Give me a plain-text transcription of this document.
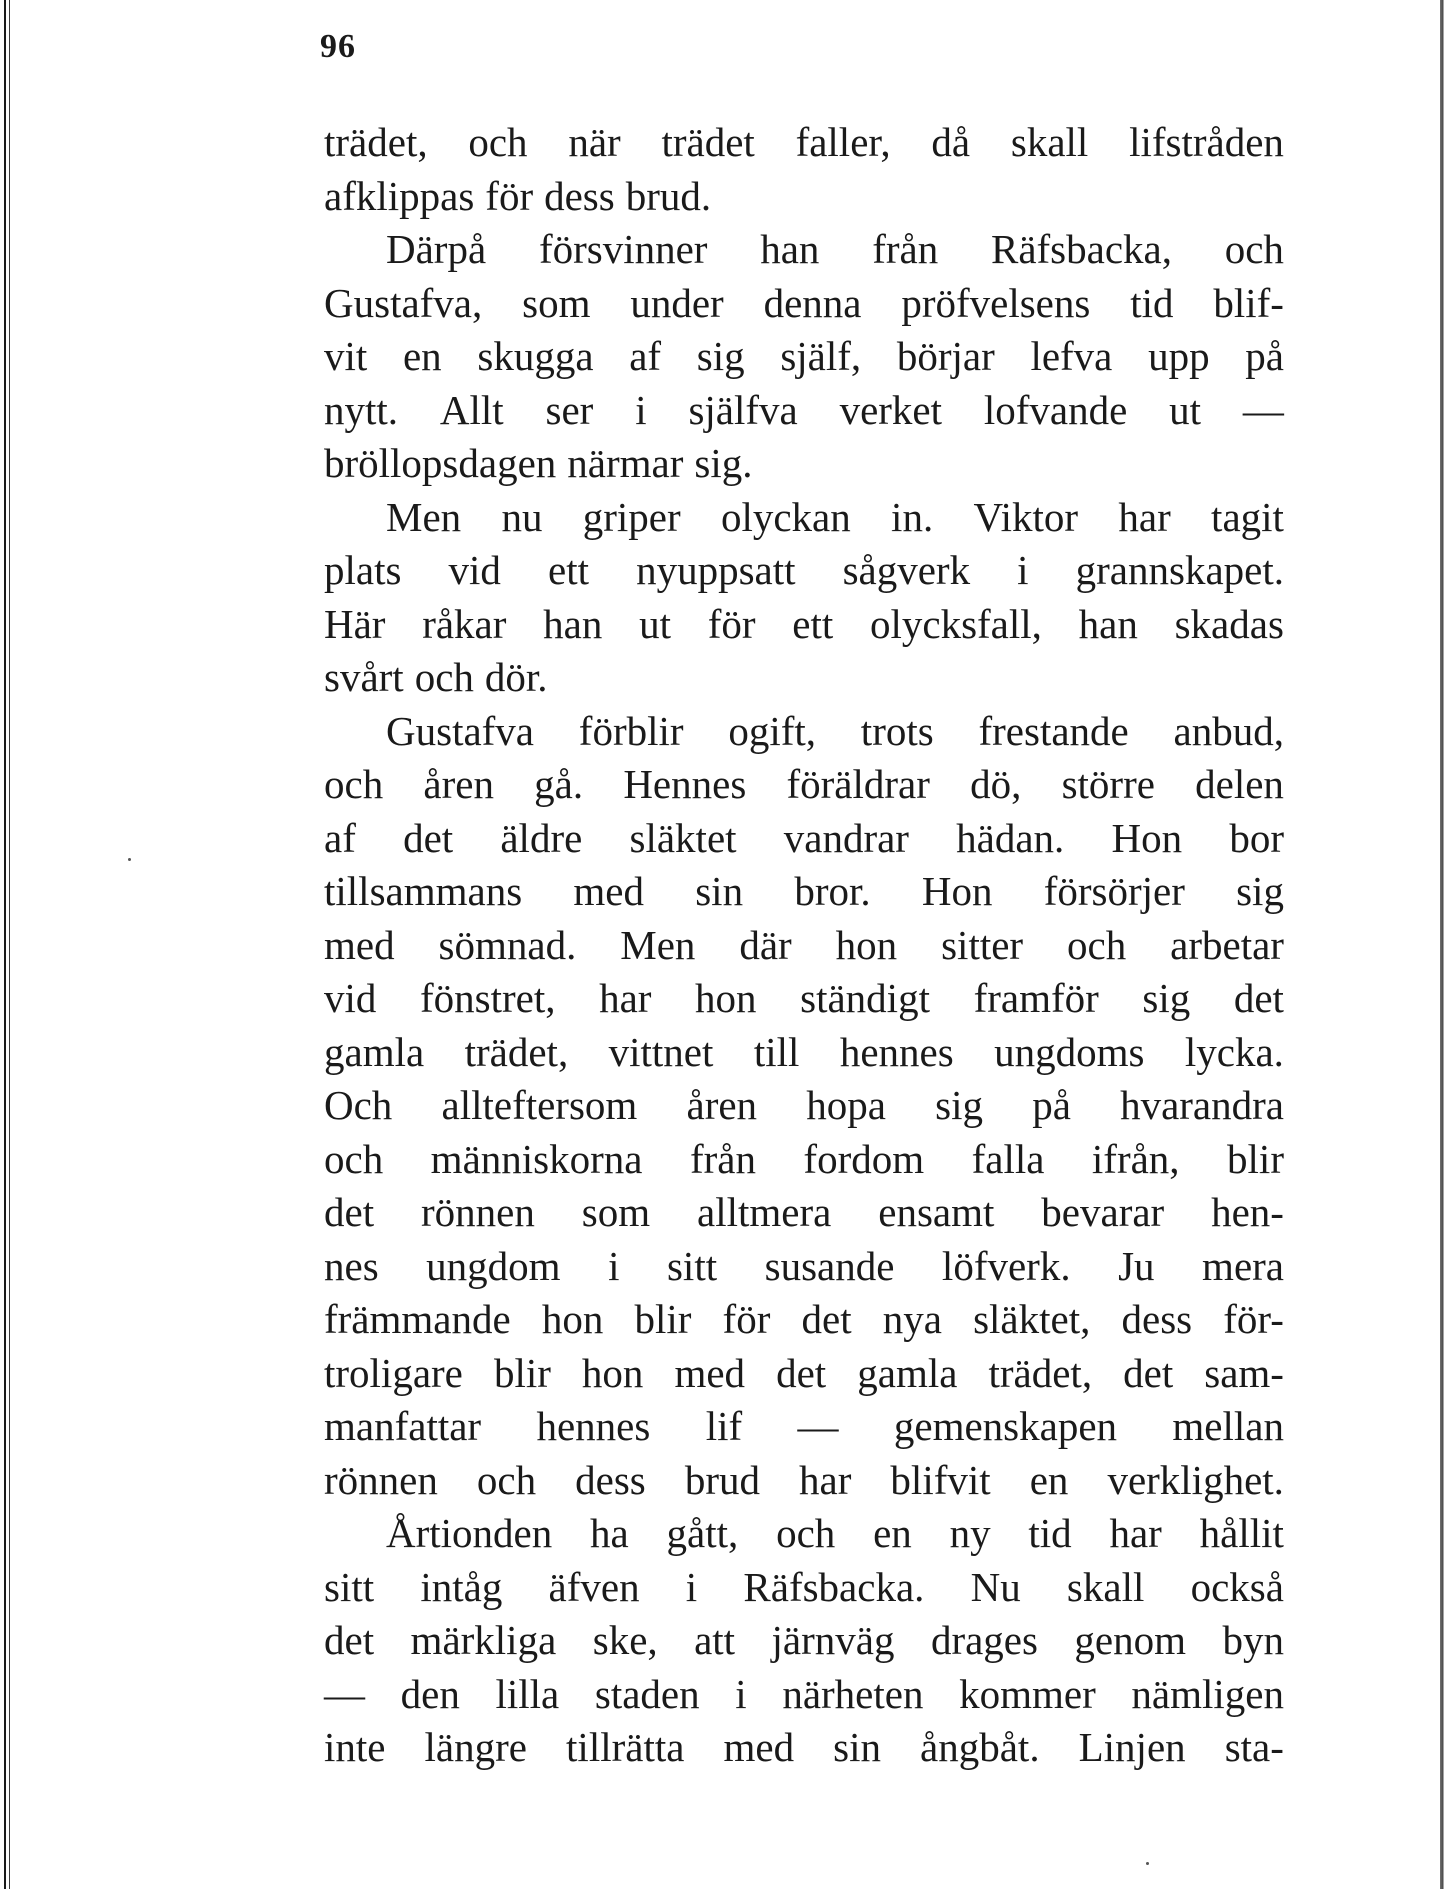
96
trädet, och när trädet faller, då skall lifstråden
afklippas för dess brud.
Därpå försvinner han från Räfsbacka, och
Gustafva, som under denna pröfvelsens tid blif-
vit en skugga af sig själf, börjar lefva upp på
nytt. Allt ser i själfva verket lofvande ut —
bröllopsdagen närmar sig.
Men nu griper olyckan in. Viktor har tagit
plats vid ett nyuppsatt sågverk i grannskapet.
Här råkar han ut för ett olycksfall, han skadas
svårt och dör.
Gustafva förblir ogift, trots frestande anbud,
och åren gå. Hennes föräldrar dö, större delen
af det äldre släktet vandrar hädan. Hon bor
tillsammans med sin bror. Hon försörjer sig
med sömnad. Men där hon sitter och arbetar
vid fönstret, har hon ständigt framför sig det
gamla trädet, vittnet till hennes ungdoms lycka.
Och allteftersom åren hopa sig på hvarandra
och människorna från fordom falla ifrån, blir
det rönnen som alltmera ensamt bevarar hen-
nes ungdom i sitt susande löfverk. Ju mera
främmande hon blir för det nya släktet, dess för-
troligare blir hon med det gamla trädet, det sam-
manfattar hennes lif — gemenskapen mellan
rönnen och dess brud har blifvit en verklighet.
Årtionden ha gått, och en ny tid har hållit
sitt intåg äfven i Räfsbacka. Nu skall också
det märkliga ske, att järnväg drages genom byn
— den lilla staden i närheten kommer nämligen
inte längre tillrätta med sin ångbåt. Linjen sta-
